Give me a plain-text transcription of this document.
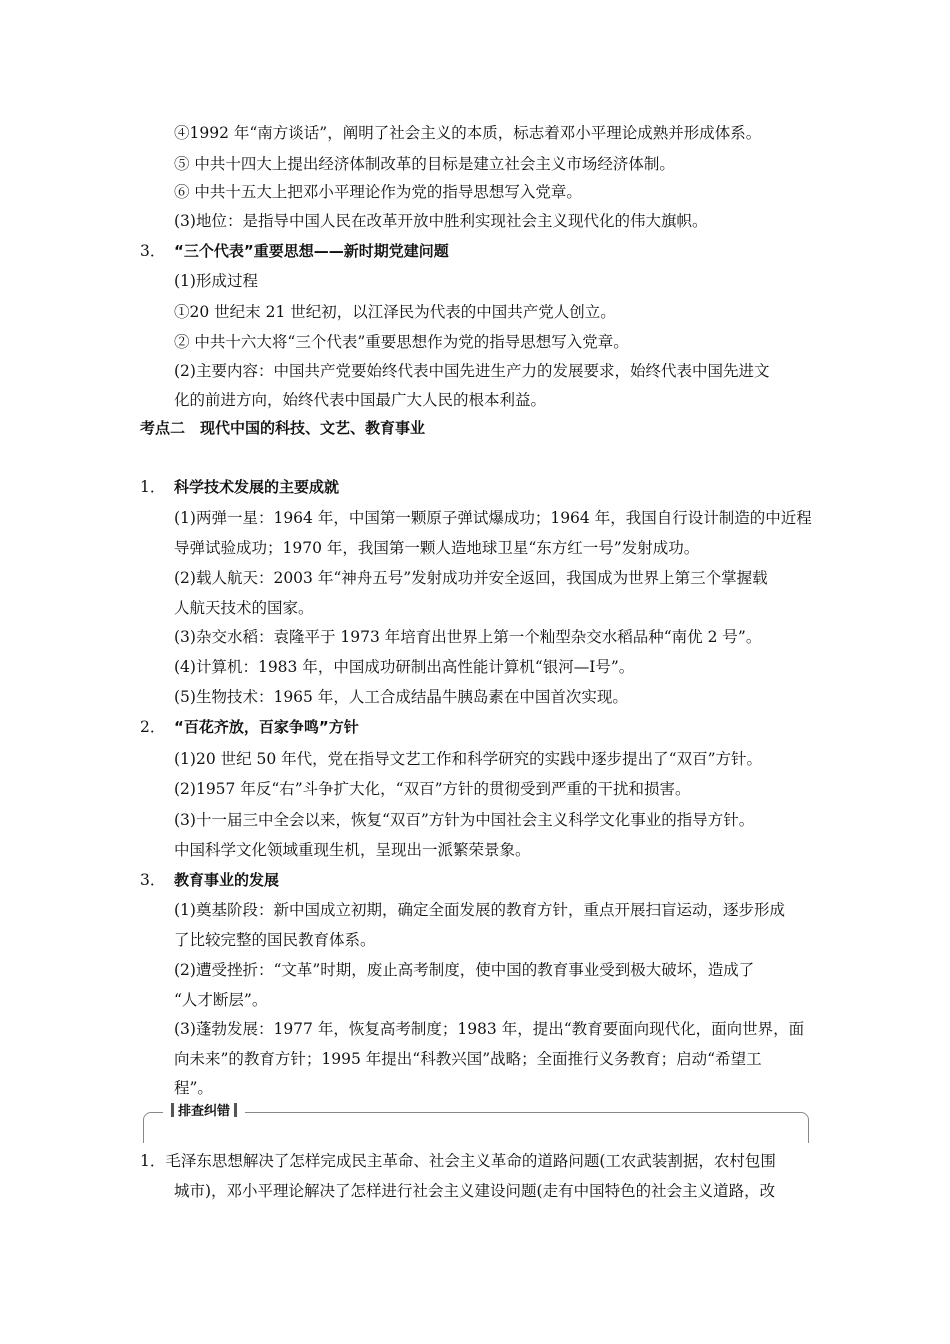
④1992 年“南方谈话”，阐明了社会主义的本质，标志着邓小平理论成熟并形成体系。
⑤ 中共十四大上提出经济体制改革的目标是建立社会主义市场经济体制。
⑥ 中共十五大上把邓小平理论作为党的指导思想写入党章。
(3)地位：是指导中国人民在改革开放中胜利实现社会主义现代化的伟大旗帜。
3． “三个代表”重要思想——新时期党建问题
(1)形成过程
①20 世纪末 21 世纪初，以江泽民为代表的中国共产党人创立。
② 中共十六大将“三个代表”重要思想作为党的指导思想写入党章。
(2)主要内容：中国共产党要始终代表中国先进生产力的发展要求，始终代表中国先进文
化的前进方向，始终代表中国最广大人民的根本利益。
考点二　现代中国的科技、文艺、教育事业
1． 科学技术发展的主要成就
(1)两弹一星：1964 年，中国第一颗原子弹试爆成功；1964 年，我国自行设计制造的中近程
导弹试验成功；1970 年，我国第一颗人造地球卫星“东方红一号”发射成功。
(2)载人航天：2003 年“神舟五号”发射成功并安全返回，我国成为世界上第三个掌握载
人航天技术的国家。
(3)杂交水稻：袁隆平于 1973 年培育出世界上第一个籼型杂交水稻品种“南优 2 号”。
(4)计算机：1983 年，中国成功研制出高性能计算机“银河—Ⅰ号”。
(5)生物技术：1965 年，人工合成结晶牛胰岛素在中国首次实现。
2． “百花齐放，百家争鸣”方针
(1)20 世纪 50 年代，党在指导文艺工作和科学研究的实践中逐步提出了“双百”方针。
(2)1957 年反“右”斗争扩大化，“双百”方针的贯彻受到严重的干扰和损害。
(3)十一届三中全会以来，恢复“双百”方针为中国社会主义科学文化事业的指导方针。
中国科学文化领域重现生机，呈现出一派繁荣景象。
3． 教育事业的发展
(1)奠基阶段：新中国成立初期，确定全面发展的教育方针，重点开展扫盲运动，逐步形成
了比较完整的国民教育体系。
(2)遭受挫折：“文革”时期，废止高考制度，使中国的教育事业受到极大破坏，造成了
“人才断层”。
(3)蓬勃发展：1977 年，恢复高考制度；1983 年，提出“教育要面向现代化，面向世界，面
向未来”的教育方针；1995 年提出“科教兴国”战略；全面推行义务教育；启动“希望工
程”。
排查纠错
1．毛泽东思想解决了怎样完成民主革命、社会主义革命的道路问题(工农武装割据，农村包围
城市)，邓小平理论解决了怎样进行社会主义建设问题(走有中国特色的社会主义道路，改
